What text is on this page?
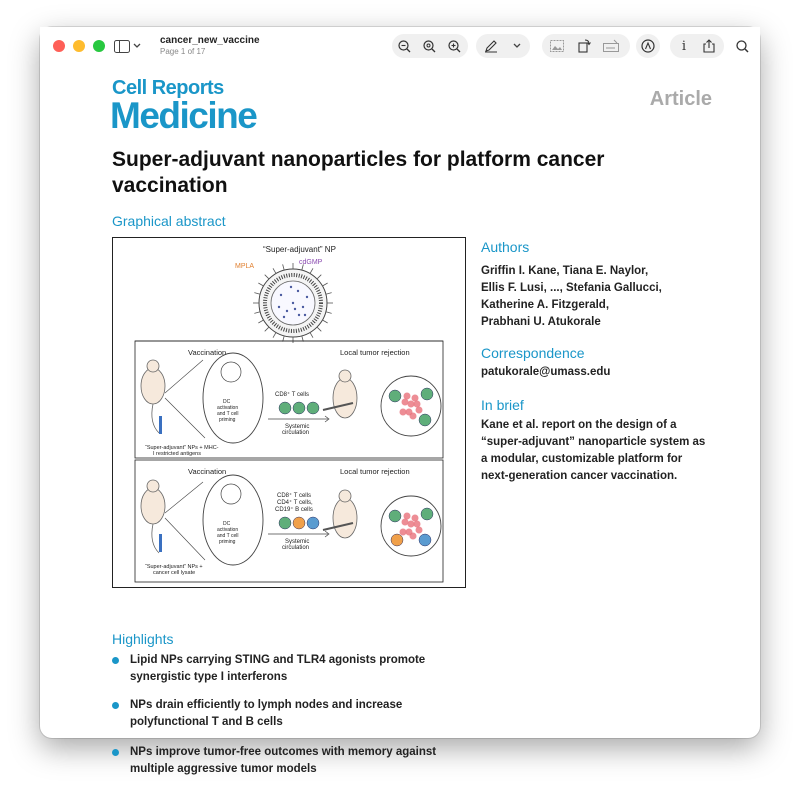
cancer_new_vaccine
Page 1 of 17	i
Cell Reports
Medicine	Article
Super-adjuvant nanoparticles for platform cancer vaccination
Graphical abstract
“Super-adjuvant” NP
MPLA
cdGMP
Vaccination	Local tumor rejection
DC
activation
and T cell
priming
CD8⁺ T cells
Systemic
circulation
“Super-adjuvant” NPs + MHC-
I restricted antigens
Vaccination	Local tumor rejection
DC
activation
and T cell
priming
CD8⁺ T cells
CD4⁺ T cells,
CD19⁺ B cells
Systemic
circulation
“Super-adjuvant” NPs +
cancer cell lysate
Authors
Griffin I. Kane, Tiana E. Naylor,
Ellis F. Lusi, ..., Stefania Gallucci,
Katherine A. Fitzgerald,
Prabhani U. Atukorale
Correspondence
patukorale@umass.edu
In brief
Kane et al. report on the design of a
“super-adjuvant” nanoparticle system as
a modular, customizable platform for
next-generation cancer vaccination.
Highlights
Lipid NPs carrying STING and TLR4 agonists promote synergistic type I interferons
NPs drain efficiently to lymph nodes and increase polyfunctional T and B cells
NPs improve tumor-free outcomes with memory against multiple aggressive tumor models
